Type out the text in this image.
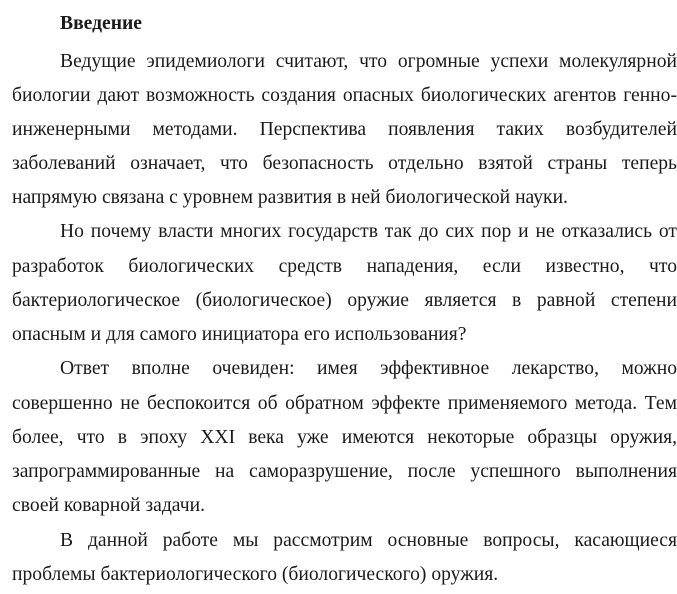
Введение

Ведущие эпидемиологи считают, что огромные успехи молекулярной

биологии дают возможность создания опасных биологических агентов генно-

инженерными методами. Перспектива появления таких возбудителей

заболеваний означает, что безопасность отдельно взятой страны теперь

напрямую связана с уровнем развития в ней биологической науки.

Но почему власти многих государств так до сих пор и не отказались от

разработок биологических средств нападения, если известно, что

бактериологическое (биологическое) оружие является в равной степени

опасным и для самого инициатора его использования?

Ответ вполне очевиден: имея эффективное лекарство, можно

совершенно не беспокоится об обратном эффекте применяемого метода. Тем

более, что в эпоху XXI века уже имеются некоторые образцы оружия,

запрограммированные на саморазрушение, после успешного выполнения

своей коварной задачи.

В данной работе мы рассмотрим основные вопросы, касающиеся

проблемы бактериологического (биологического) оружия.
